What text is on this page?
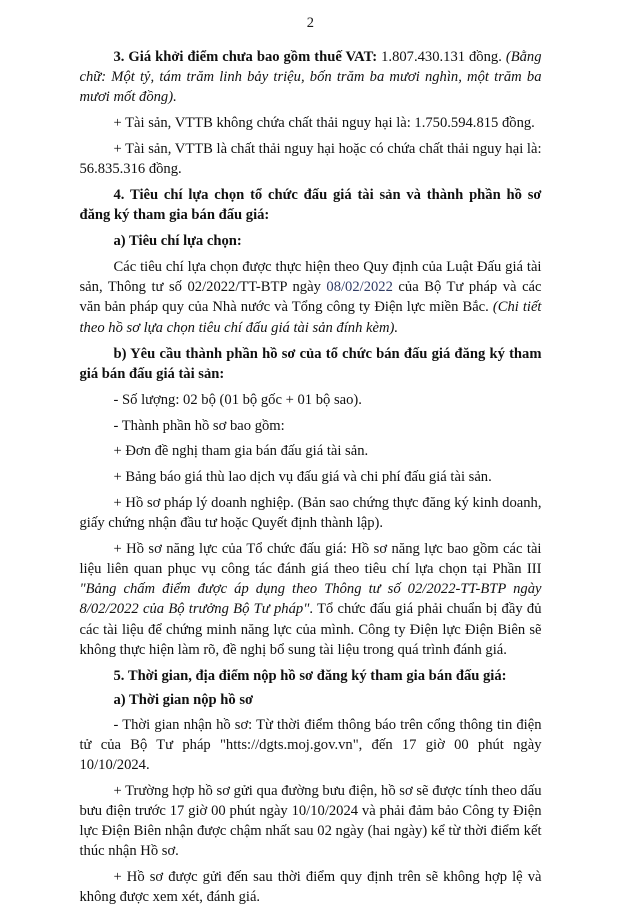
2

3. Giá khởi điểm chưa bao gồm thuế VAT: 1.807.430.131 đồng. (Bằng chữ: Một tỷ, tám trăm linh bảy triệu, bốn trăm ba mươi nghìn, một trăm ba mươi mốt đồng).

+ Tài sản, VTTB không chứa chất thải nguy hại là: 1.750.594.815 đồng.

+ Tài sản, VTTB là chất thải nguy hại hoặc có chứa chất thải nguy hại là: 56.835.316 đồng.

4. Tiêu chí lựa chọn tổ chức đấu giá tài sản và thành phần hồ sơ đăng ký tham gia bán đấu giá:

a) Tiêu chí lựa chọn:

Các tiêu chí lựa chọn được thực hiện theo Quy định của Luật Đấu giá tài sản, Thông tư số 02/2022/TT-BTP ngày 08/02/2022 của Bộ Tư pháp và các văn bản pháp quy của Nhà nước và Tổng công ty Điện lực miền Bắc. (Chi tiết theo hồ sơ lựa chọn tiêu chí đấu giá tài sản đính kèm).

b) Yêu cầu thành phần hồ sơ của tổ chức bán đấu giá đăng ký tham giá bán đấu giá tài sản:

- Số lượng: 02 bộ (01 bộ gốc + 01 bộ sao).

- Thành phần hồ sơ bao gồm:

+ Đơn đề nghị tham gia bán đấu giá tài sản.

+ Bảng báo giá thù lao dịch vụ đấu giá và chi phí đấu giá tài sản.

+ Hồ sơ pháp lý doanh nghiệp. (Bản sao chứng thực đăng ký kinh doanh, giấy chứng nhận đầu tư hoặc Quyết định thành lập).

+ Hồ sơ năng lực của Tổ chức đấu giá: Hồ sơ năng lực bao gồm các tài liệu liên quan phục vụ công tác đánh giá theo tiêu chí lựa chọn tại Phần III "Bảng chấm điểm được áp dụng theo Thông tư số 02/2022-TT-BTP ngày 8/02/2022 của Bộ trưởng Bộ Tư pháp". Tổ chức đấu giá phải chuẩn bị đầy đủ các tài liệu để chứng minh năng lực của mình. Công ty Điện lực Điện Biên sẽ không thực hiện làm rõ, đề nghị bổ sung tài liệu trong quá trình đánh giá.

5. Thời gian, địa điểm nộp hồ sơ đăng ký tham gia bán đấu giá:

a) Thời gian nộp hồ sơ

- Thời gian nhận hồ sơ: Từ thời điểm thông báo trên cổng thông tin điện tử của Bộ Tư pháp "htts://dgts.moj.gov.vn", đến 17 giờ 00 phút ngày 10/10/2024.

+ Trường hợp hồ sơ gửi qua đường bưu điện, hồ sơ sẽ được tính theo dấu bưu điện trước 17 giờ 00 phút ngày 10/10/2024 và phải đảm bảo Công ty Điện lực Điện Biên nhận được chậm nhất sau 02 ngày (hai ngày) kể từ thời điểm kết thúc nhận Hồ sơ.

+ Hồ sơ được gửi đến sau thời điểm quy định trên sẽ không hợp lệ và không được xem xét, đánh giá.
